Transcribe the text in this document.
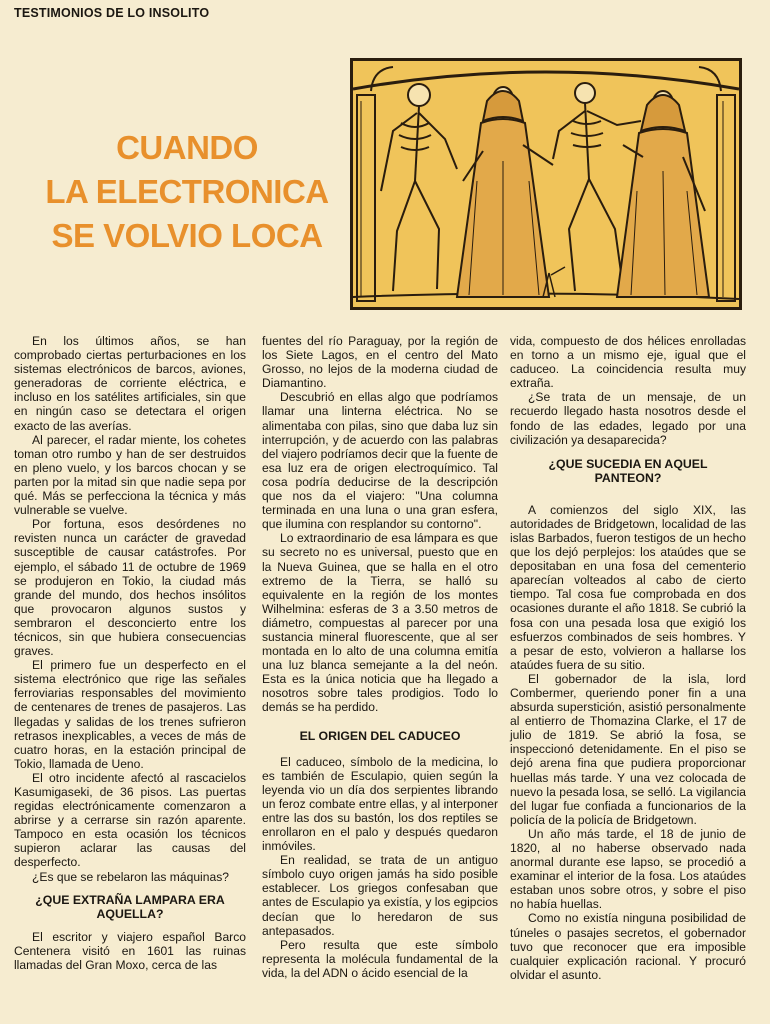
TESTIMONIOS DE LO INSOLITO
CUANDO
LA ELECTRONICA
SE VOLVIO LOCA

En los últimos años, se han comprobado ciertas perturbaciones en los sistemas electrónicos de barcos, aviones, generadoras de corriente eléctrica, e incluso en los satélites artificiales, sin que en ningún caso se detectara el origen exacto de las averías.

Al parecer, el radar miente, los cohetes toman otro rumbo y han de ser destruidos en pleno vuelo, y los barcos chocan y se parten por la mitad sin que nadie sepa por qué. Más se perfecciona la técnica y más vulnerable se vuelve.

Por fortuna, esos desórdenes no revisten nunca un carácter de gravedad susceptible de causar catástrofes. Por ejemplo, el sábado 11 de octubre de 1969 se produjeron en Tokio, la ciudad más grande del mundo, dos hechos insólitos que provocaron algunos sustos y sembraron el desconcierto entre los técnicos, sin que hubiera consecuencias graves.

El primero fue un desperfecto en el sistema electrónico que rige las señales ferroviarias responsables del movimiento de centenares de trenes de pasajeros. Las llegadas y salidas de los trenes sufrieron retrasos inexplicables, a veces de más de cuatro horas, en la estación principal de Tokio, llamada de Ueno.

El otro incidente afectó al rascacielos Kasumigaseki, de 36 pisos. Las puertas regidas electrónicamente comenzaron a abrirse y a cerrarse sin razón aparente. Tampoco en esta ocasión los técnicos supieron aclarar las causas del desperfecto.

¿Es que se rebelaron las máquinas?

¿QUE EXTRAÑA LAMPARA ERA AQUELLA?

El escritor y viajero español Barco Centenera visitó en 1601 las ruinas llamadas del Gran Moxo, cerca de las

fuentes del río Paraguay, por la región de los Siete Lagos, en el centro del Mato Grosso, no lejos de la moderna ciudad de Diamantino.

Descubrió en ellas algo que podríamos llamar una linterna eléctrica. No se alimentaba con pilas, sino que daba luz sin interrupción, y de acuerdo con las palabras del viajero podríamos decir que la fuente de esa luz era de origen electroquímico. Tal cosa podría deducirse de la descripción que nos da el viajero: "Una columna terminada en una luna o una gran esfera, que ilumina con resplandor su contorno".

Lo extraordinario de esa lámpara es que su secreto no es universal, puesto que en la Nueva Guinea, que se halla en el otro extremo de la Tierra, se halló su equivalente en la región de los montes Wilhelmina: esferas de 3 a 3.50 metros de diámetro, compuestas al parecer por una sustancia mineral fluorescente, que al ser montada en lo alto de una columna emitía una luz blanca semejante a la del neón. Esta es la única noticia que ha llegado a nosotros sobre tales prodigios. Todo lo demás se ha perdido.

EL ORIGEN DEL CADUCEO

El caduceo, símbolo de la medicina, lo es también de Esculapio, quien según la leyenda vio un día dos serpientes librando un feroz combate entre ellas, y al interponer entre las dos su bastón, los dos reptiles se enrollaron en el palo y después quedaron inmóviles.

En realidad, se trata de un antiguo símbolo cuyo origen jamás ha sido posible establecer. Los griegos confesaban que antes de Esculapio ya existía, y los egipcios decían que lo heredaron de sus antepasados.

Pero resulta que este símbolo representa la molécula fundamental de la vida, la del ADN o ácido esencial de la

vida, compuesto de dos hélices enrolladas en torno a un mismo eje, igual que el caduceo. La coincidencia resulta muy extraña.

¿Se trata de un mensaje, de un recuerdo llegado hasta nosotros desde el fondo de las edades, legado por una civilización ya desaparecida?

¿QUE SUCEDIA EN AQUEL PANTEON?

A comienzos del siglo XIX, las autoridades de Bridgetown, localidad de las islas Barbados, fueron testigos de un hecho que los dejó perplejos: los ataúdes que se depositaban en una fosa del cementerio aparecían volteados al cabo de cierto tiempo. Tal cosa fue comprobada en dos ocasiones durante el año 1818. Se cubrió la fosa con una pesada losa que exigió los esfuerzos combinados de seis hombres. Y a pesar de esto, volvieron a hallarse los ataúdes fuera de su sitio.

El gobernador de la isla, lord Combermer, queriendo poner fin a una absurda superstición, asistió personalmente al entierro de Thomazina Clarke, el 17 de julio de 1819. Se abrió la fosa, se inspeccionó detenidamente. En el piso se dejó arena fina que pudiera proporcionar huellas más tarde. Y una vez colocada de nuevo la pesada losa, se selló. La vigilancia del lugar fue confiada a funcionarios de la policía de la policía de Bridgetown.

Un año más tarde, el 18 de junio de 1820, al no haberse observado nada anormal durante ese lapso, se procedió a examinar el interior de la fosa. Los ataúdes estaban unos sobre otros, y sobre el piso no había huellas.

Como no existía ninguna posibilidad de túneles o pasajes secretos, el gobernador tuvo que reconocer que era imposible cualquier explicación racional. Y procuró olvidar el asunto.
